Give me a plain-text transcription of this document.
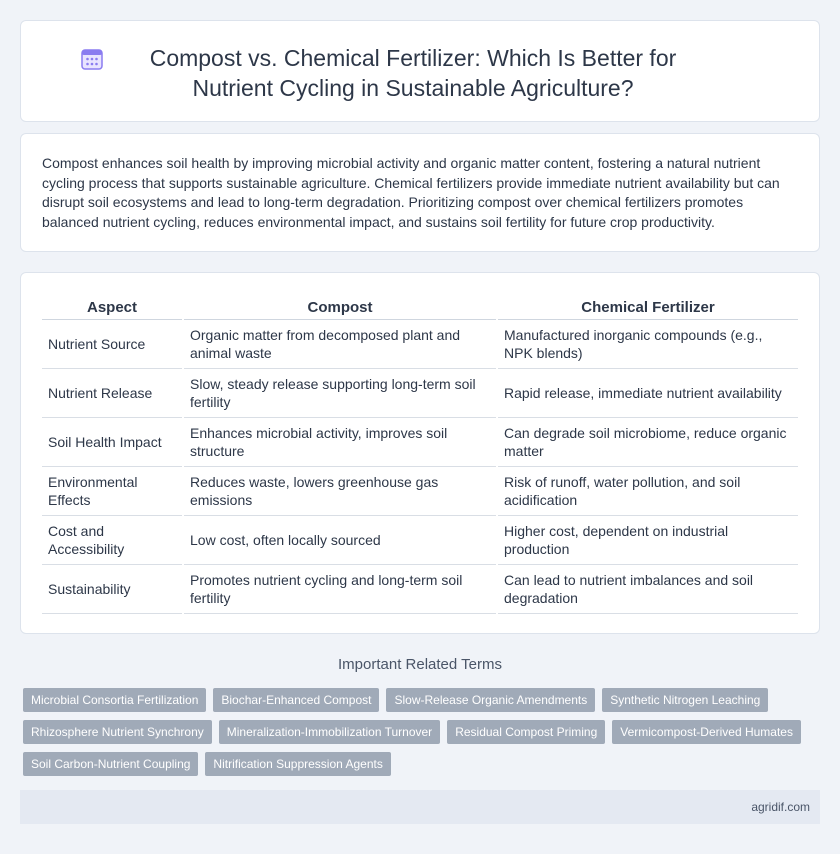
Compost vs. Chemical Fertilizer: Which Is Better for Nutrient Cycling in Sustainable Agriculture?

Compost enhances soil health by improving microbial activity and organic matter content, fostering a natural nutrient cycling process that supports sustainable agriculture. Chemical fertilizers provide immediate nutrient availability but can disrupt soil ecosystems and lead to long-term degradation. Prioritizing compost over chemical fertilizers promotes balanced nutrient cycling, reduces environmental impact, and sustains soil fertility for future crop productivity.

Aspect	Compost	Chemical Fertilizer
Nutrient Source	Organic matter from decomposed plant and animal waste	Manufactured inorganic compounds (e.g., NPK blends)
Nutrient Release	Slow, steady release supporting long-term soil fertility	Rapid release, immediate nutrient availability
Soil Health Impact	Enhances microbial activity, improves soil structure	Can degrade soil microbiome, reduce organic matter
Environmental Effects	Reduces waste, lowers greenhouse gas emissions	Risk of runoff, water pollution, and soil acidification
Cost and Accessibility	Low cost, often locally sourced	Higher cost, dependent on industrial production
Sustainability	Promotes nutrient cycling and long-term soil fertility	Can lead to nutrient imbalances and soil degradation
Important Related Terms
Microbial Consortia Fertilization	Biochar-Enhanced Compost	Slow-Release Organic Amendments	Synthetic Nitrogen Leaching
Rhizosphere Nutrient Synchrony	Mineralization-Immobilization Turnover	Residual Compost Priming	Vermicompost-Derived Humates
Soil Carbon-Nutrient Coupling	Nitrification Suppression Agents
agridif.com
